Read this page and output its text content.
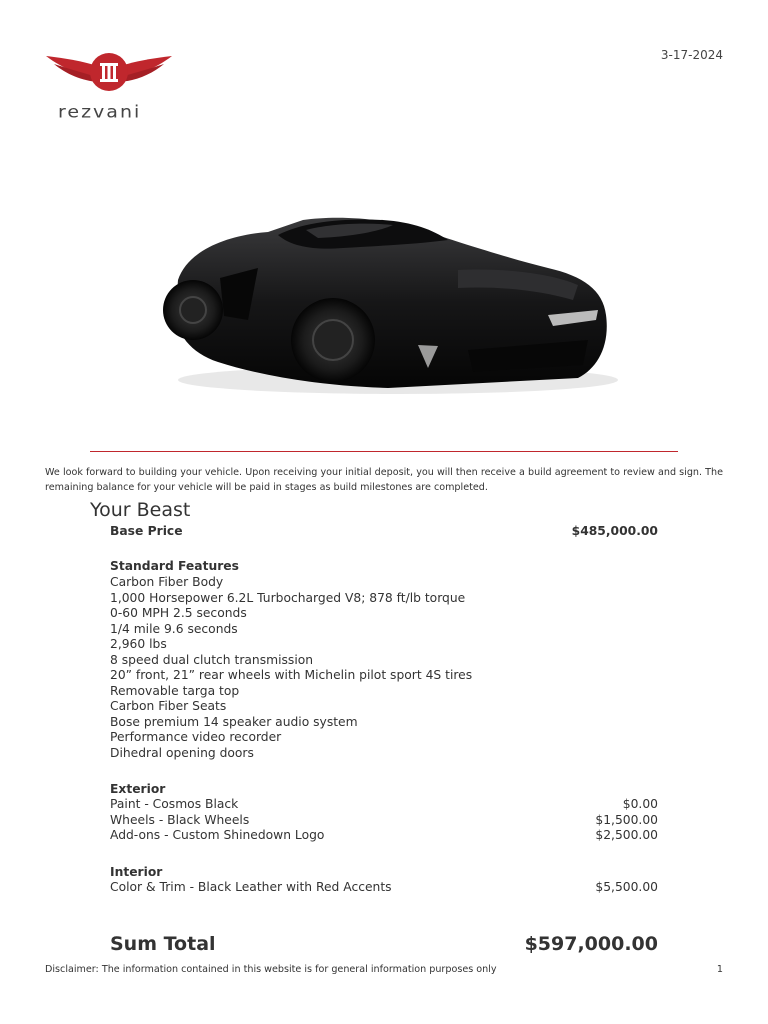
rezvani
3-17-2024
We look forward to building your vehicle. Upon receiving your initial deposit, you will then receive a build agreement to review and sign. The remaining balance for your vehicle will be paid in stages as build milestones are completed.
Your Beast
Base Price	$485,000.00
Standard Features
Carbon Fiber Body
1,000 Horsepower 6.2L Turbocharged V8; 878 ft/lb torque
0-60 MPH 2.5 seconds
1/4 mile 9.6 seconds
2,960 lbs
8 speed dual clutch transmission
20” front, 21” rear wheels with Michelin pilot sport 4S tires
Removable targa top
Carbon Fiber Seats
Bose premium 14 speaker audio system
Performance video recorder
Dihedral opening doors
Exterior
Paint - Cosmos Black	$0.00
Wheels - Black Wheels	$1,500.00
Add-ons - Custom Shinedown Logo	$2,500.00
Interior
Color & Trim - Black Leather with Red Accents	$5,500.00
Sum Total	$597,000.00
Disclaimer: The information contained in this website is for general information purposes only	1
